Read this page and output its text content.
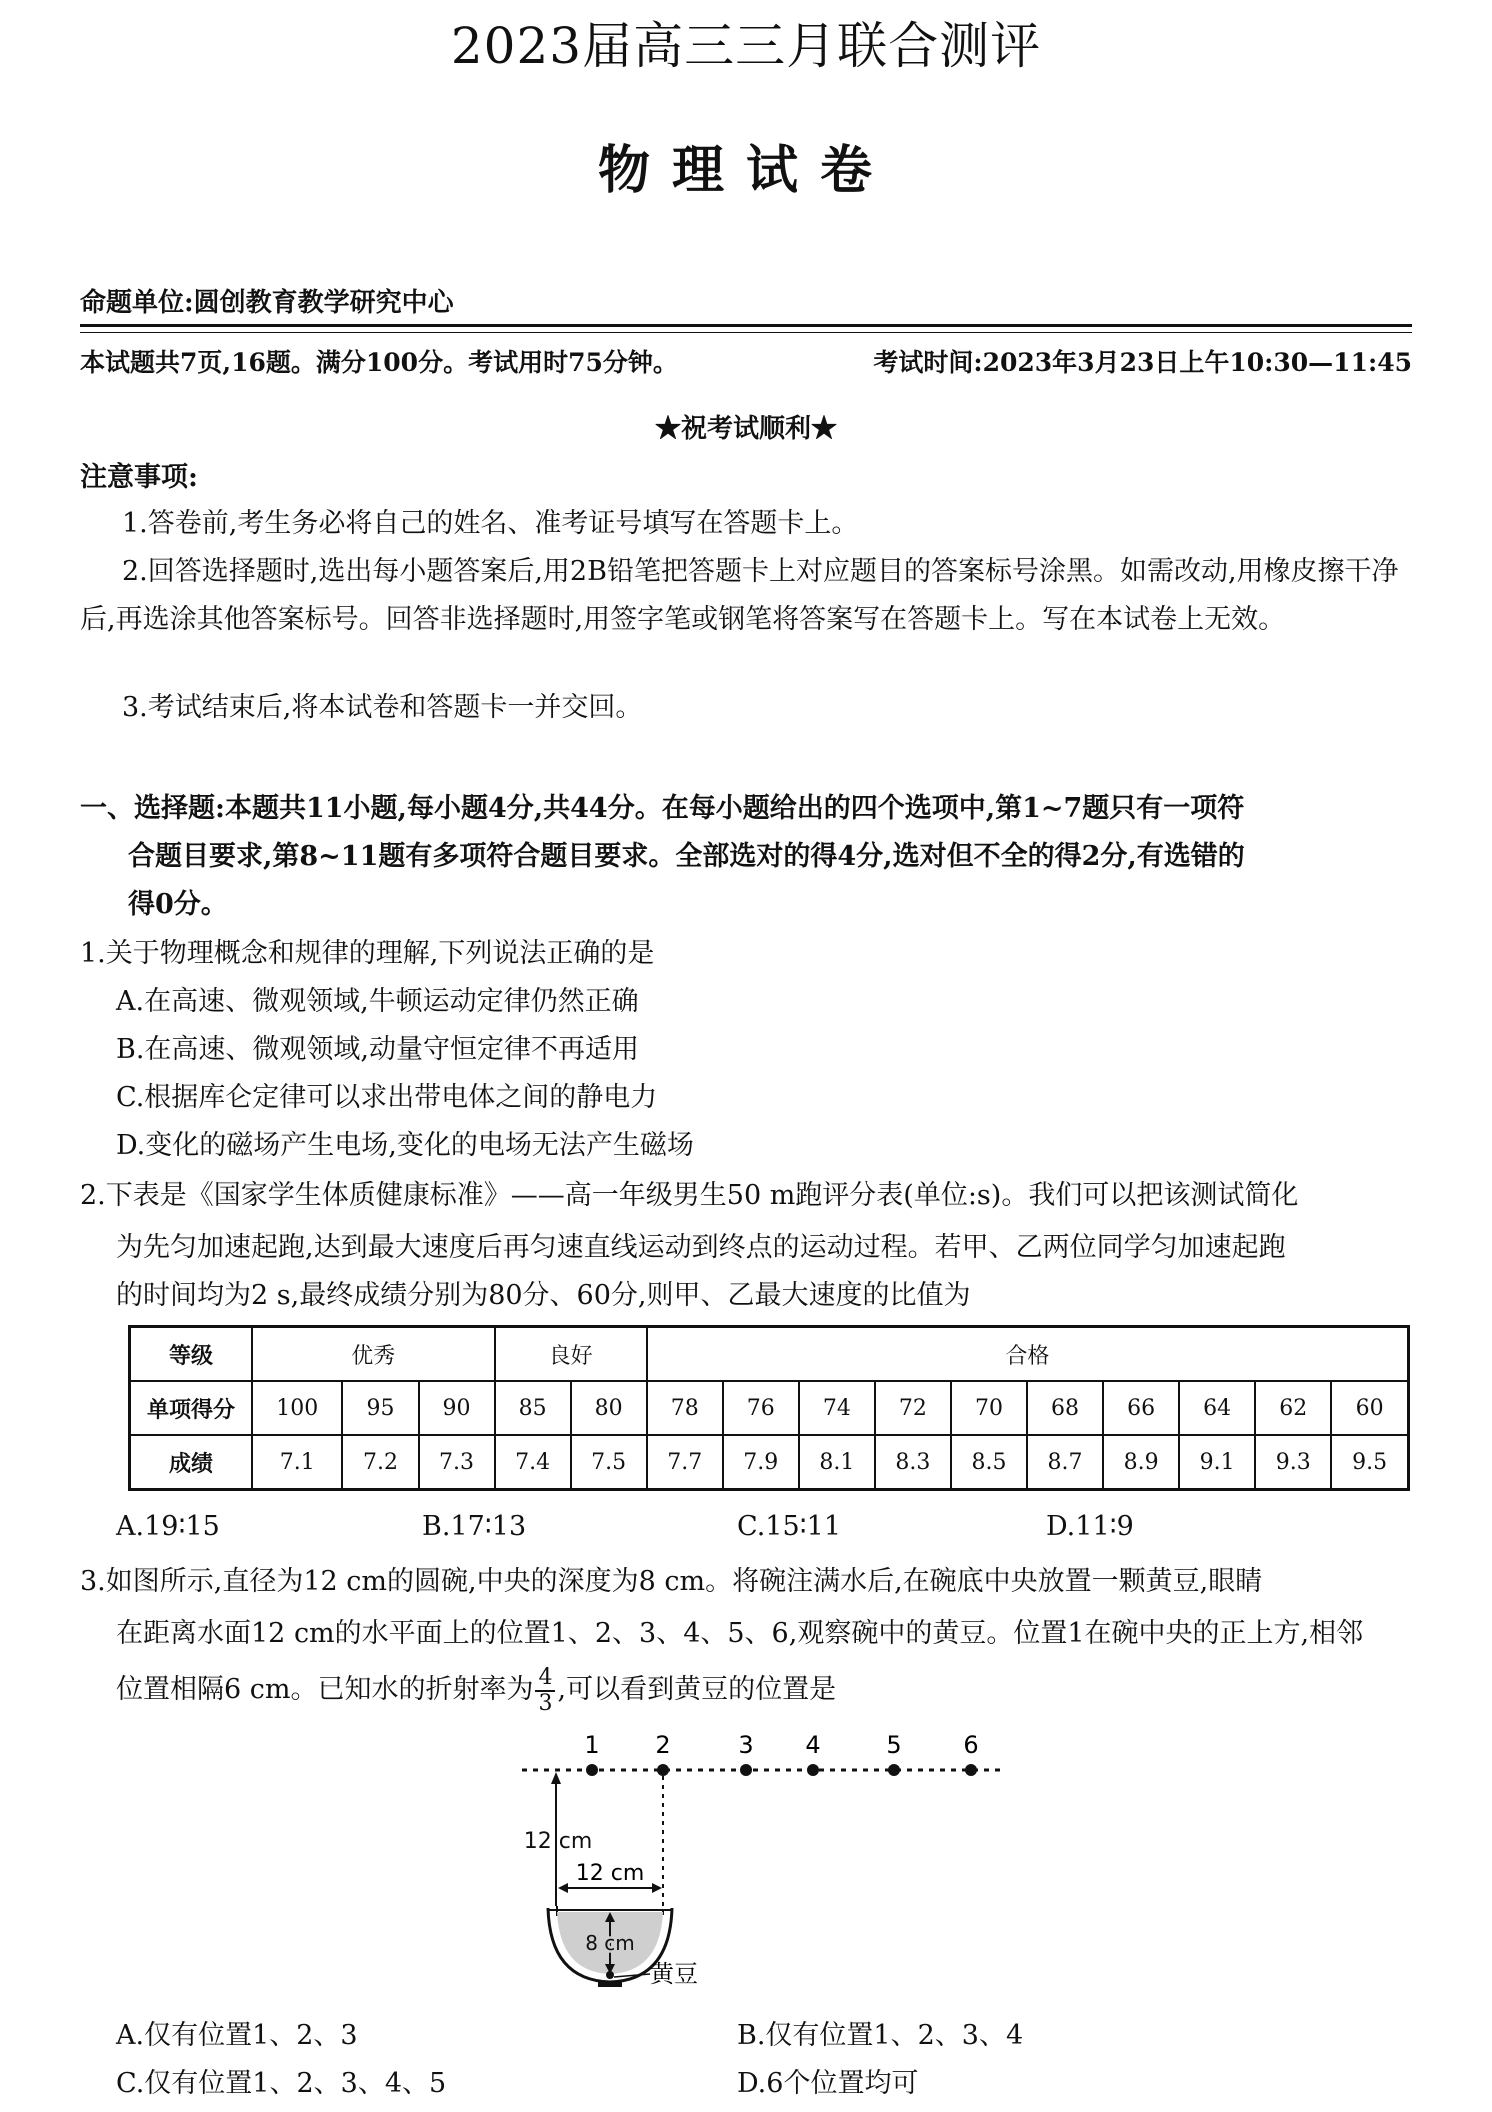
2023届高三三月联合测评
物理试卷
命题单位:圆创教育教学研究中心
本试题共7页,16题。满分100分。考试用时75分钟。	考试时间:2023年3月23日上午10:30—11:45
★祝考试顺利★
注意事项:
1.答卷前,考生务必将自己的姓名、准考证号填写在答题卡上。
2.回答选择题时,选出每小题答案后,用2B铅笔把答题卡上对应题目的答案标号涂黑。如需改动,用橡皮擦干净后,再选涂其他答案标号。回答非选择题时,用签字笔或钢笔将答案写在答题卡上。写在本试卷上无效。
3.考试结束后,将本试卷和答题卡一并交回。
一、选择题:本题共11小题,每小题4分,共44分。在每小题给出的四个选项中,第1~7题只有一项符
合题目要求,第8~11题有多项符合题目要求。全部选对的得4分,选对但不全的得2分,有选错的
得0分。
1.关于物理概念和规律的理解,下列说法正确的是
A.在高速、微观领域,牛顿运动定律仍然正确
B.在高速、微观领域,动量守恒定律不再适用
C.根据库仑定律可以求出带电体之间的静电力
D.变化的磁场产生电场,变化的电场无法产生磁场
2.下表是《国家学生体质健康标准》——高一年级男生50 m跑评分表(单位:s)。我们可以把该测试简化
为先匀加速起跑,达到最大速度后再匀速直线运动到终点的运动过程。若甲、乙两位同学匀加速起跑
的时间均为2 s,最终成绩分别为80分、60分,则甲、乙最大速度的比值为
等级	优秀			良好		合格									
单项得分	100	95	90	85	80	78	76	74	72	70	68	66	64	62	60
成绩	7.1	7.2	7.3	7.4	7.5	7.7	7.9	8.1	8.3	8.5	8.7	8.9	9.1	9.3	9.5
A.19∶15	B.17∶13	C.15∶11	D.11∶9
3.如图所示,直径为12 cm的圆碗,中央的深度为8 cm。将碗注满水后,在碗底中央放置一颗黄豆,眼睛
在距离水面12 cm的水平面上的位置1、2、3、4、5、6,观察碗中的黄豆。位置1在碗中央的正上方,相邻
位置相隔6 cm。已知水的折射率为 $\frac{4}{3}$ ,可以看到黄豆的位置是
1 2	3 4	5	6
12 cm
12 cm
8 cm
黄豆
A.仅有位置1、2、3	B.仅有位置1、2、3、4
C.仅有位置1、2、3、4、5	D.6个位置均可
